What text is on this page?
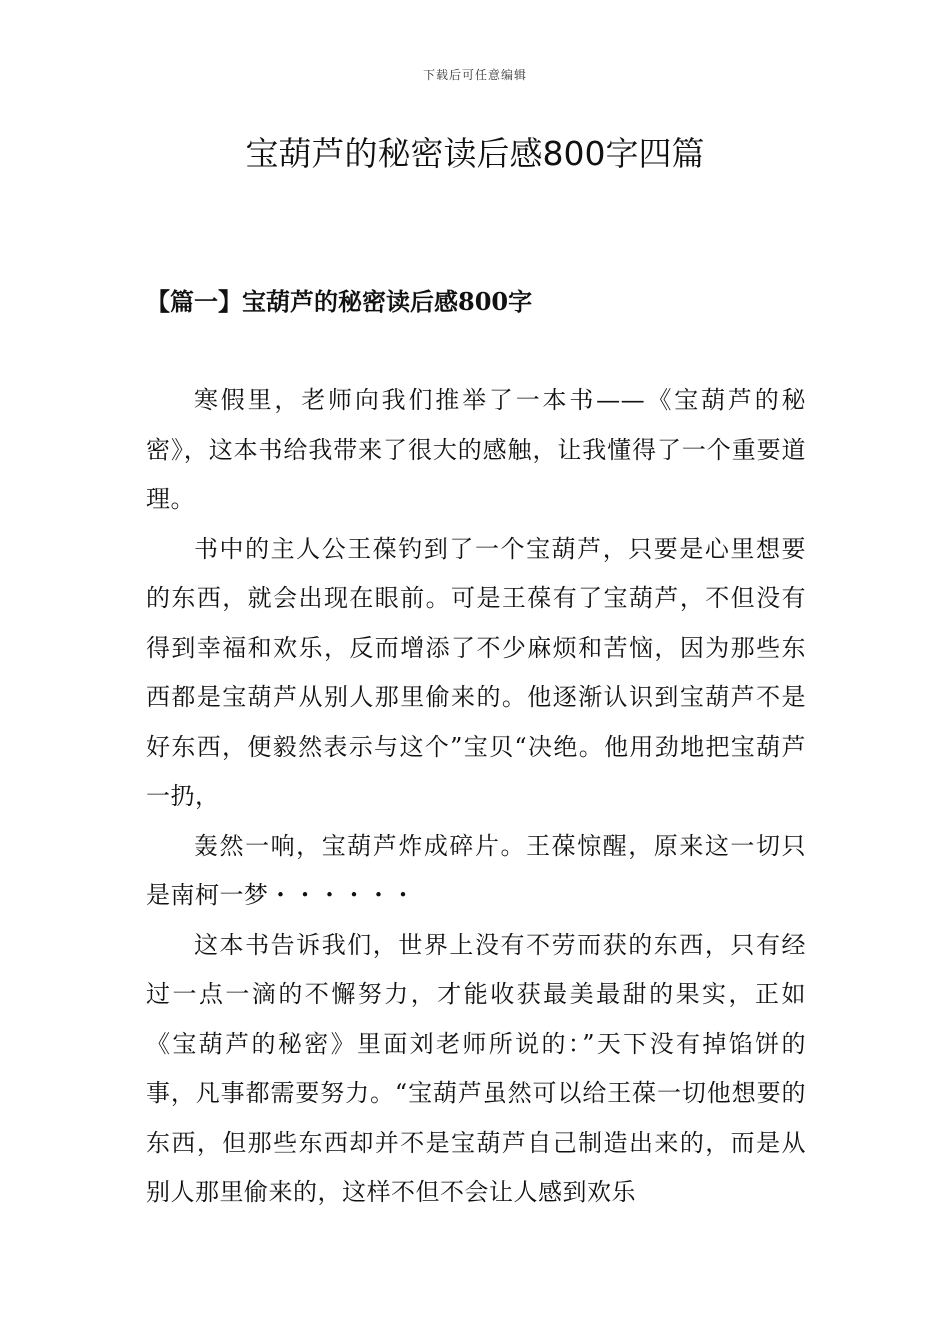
下载后可任意编辑
宝葫芦的秘密读后感800字四篇
【篇一】宝葫芦的秘密读后感800字

寒假里，老师向我们推举了一本书——《宝葫芦的秘密》，这本书给我带来了很大的感触，让我懂得了一个重要道理。

书中的主人公王葆钓到了一个宝葫芦，只要是心里想要的东西，就会出现在眼前。可是王葆有了宝葫芦，不但没有得到幸福和欢乐，反而增添了不少麻烦和苦恼，因为那些东西都是宝葫芦从别人那里偷来的。他逐渐认识到宝葫芦不是好东西，便毅然表示与这个”宝贝“决绝。他用劲地把宝葫芦一扔，

轰然一响，宝葫芦炸成碎片。王葆惊醒，原来这一切只是南柯一梦・・・・・・

这本书告诉我们，世界上没有不劳而获的东西，只有经过一点一滴的不懈努力，才能收获最美最甜的果实，正如《宝葫芦的秘密》里面刘老师所说的：”天下没有掉馅饼的事，凡事都需要努力。“宝葫芦虽然可以给王葆一切他想要的东西，但那些东西却并不是宝葫芦自己制造出来的，而是从别人那里偷来的，这样不但不会让人感到欢乐
